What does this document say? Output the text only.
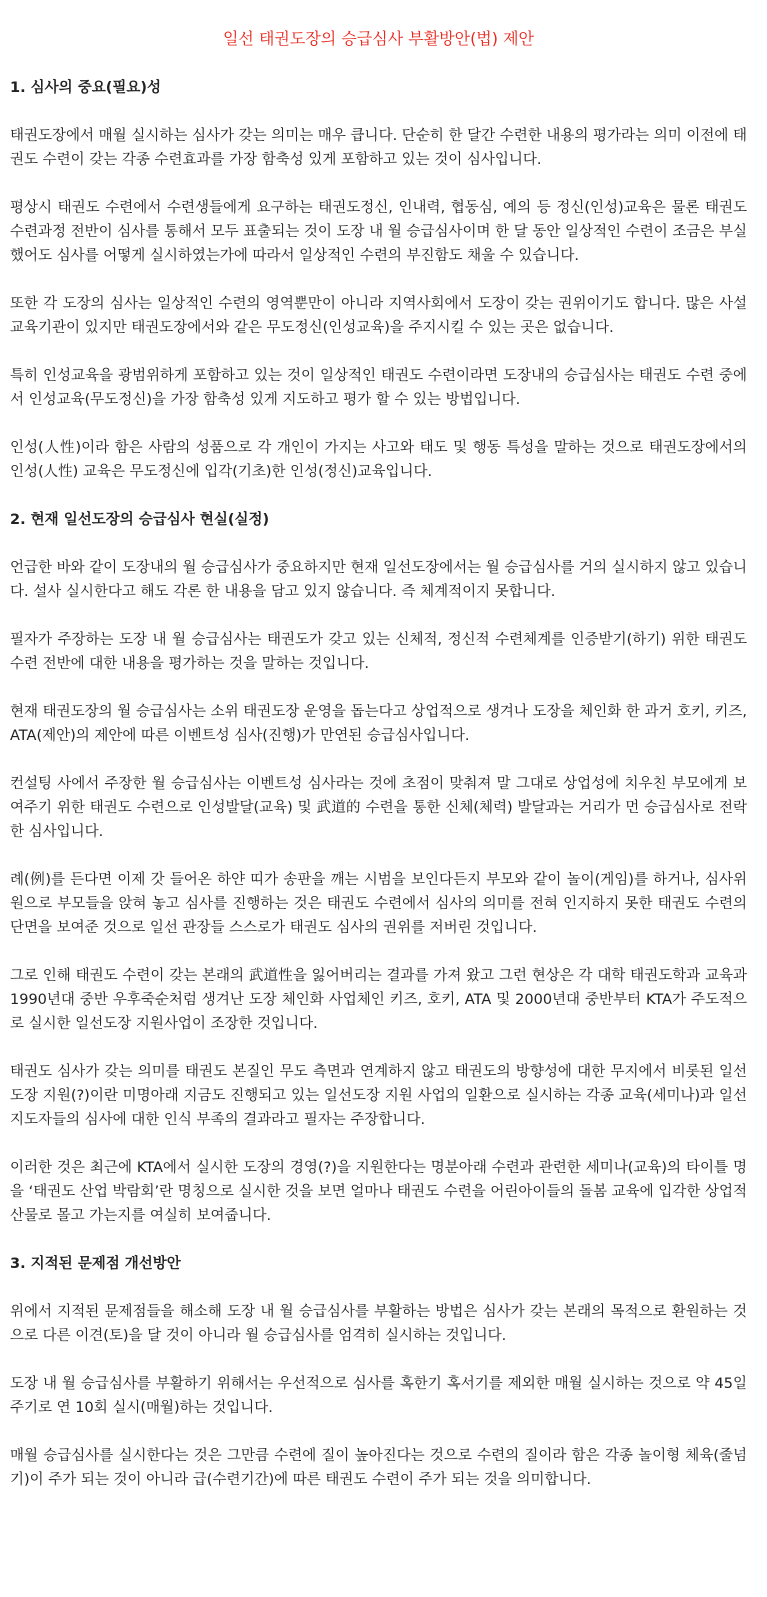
일선 태권도장의 승급심사 부활방안(법) 제안
1. 심사의 중요(필요)성
태권도장에서 매월 실시하는 심사가 갖는 의미는 매우 큽니다. 단순히 한 달간 수련한 내용의 평가라는 의미 이전에 태권도 수련이 갖는 각종 수련효과를 가장 함축성 있게 포함하고 있는 것이 심사입니다.
평상시 태권도 수련에서 수련생들에게 요구하는 태권도정신, 인내력, 협동심, 예의 등 정신(인성)교육은 물론 태권도 수련과정 전반이 심사를 통해서 모두 표출되는 것이 도장 내 월 승급심사이며 한 달 동안 일상적인 수련이 조금은 부실했어도 심사를 어떻게 실시하였는가에 따라서 일상적인 수련의 부진함도 채울 수 있습니다.
또한 각 도장의 심사는 일상적인 수련의 영역뿐만이 아니라 지역사회에서 도장이 갖는 권위이기도 합니다. 많은 사설 교육기관이 있지만 태권도장에서와 같은 무도정신(인성교육)을 주지시킬 수 있는 곳은 없습니다.
특히 인성교육을 광범위하게 포함하고 있는 것이 일상적인 태권도 수련이라면 도장내의 승급심사는 태권도 수련 중에서 인성교육(무도정신)을 가장 함축성 있게 지도하고 평가 할 수 있는 방법입니다.
인성(人性)이라 함은 사람의 성품으로 각 개인이 가지는 사고와 태도 및 행동 특성을 말하는 것으로 태권도장에서의 인성(人性) 교육은 무도정신에 입각(기초)한 인성(정신)교육입니다.
2. 현재 일선도장의 승급심사 현실(실정)
언급한 바와 같이 도장내의 월 승급심사가 중요하지만 현재 일선도장에서는 월 승급심사를 거의 실시하지 않고 있습니다. 설사 실시한다고 해도 각론 한 내용을 담고 있지 않습니다. 즉 체계적이지 못합니다.
필자가 주장하는 도장 내 월 승급심사는 태권도가 갖고 있는 신체적, 정신적 수련체계를 인증받기(하기) 위한 태권도 수련 전반에 대한 내용을 평가하는 것을 말하는 것입니다.
현재 태권도장의 월 승급심사는 소위 태권도장 운영을 돕는다고 상업적으로 생겨나 도장을 체인화 한 과거 호키, 키즈, ATA(제안)의 제안에 따른 이벤트성 심사(진행)가 만연된 승급심사입니다.
컨설팅 사에서 주장한 월 승급심사는 이벤트성 심사라는 것에 초점이 맞춰져 말 그대로 상업성에 치우친 부모에게 보여주기 위한 태권도 수련으로 인성발달(교육) 및 武道的 수련을 통한 신체(체력) 발달과는 거리가 먼 승급심사로 전락한 심사입니다.
례(例)를 든다면 이제 갓 들어온 하얀 띠가 송판을 깨는 시범을 보인다든지 부모와 같이 놀이(게임)를 하거나, 심사위원으로 부모들을 앉혀 놓고 심사를 진행하는 것은 태권도 수련에서 심사의 의미를 전혀 인지하지 못한 태권도 수련의 단면을 보여준 것으로 일선 관장들 스스로가 태권도 심사의 권위를 저버린 것입니다.
그로 인해 태권도 수련이 갖는 본래의 武道性을 잃어버리는 결과를 가져 왔고 그런 현상은 각 대학 태권도학과 교육과 1990년대 중반 우후죽순처럼 생겨난 도장 체인화 사업체인 키즈, 호키, ATA 및 2000년대 중반부터 KTA가 주도적으로 실시한 일선도장 지원사업이 조장한 것입니다.
태권도 심사가 갖는 의미를 태권도 본질인 무도 측면과 연계하지 않고 태권도의 방향성에 대한 무지에서 비롯된 일선도장 지원(?)이란 미명아래 지금도 진행되고 있는 일선도장 지원 사업의 일환으로 실시하는 각종 교육(세미나)과 일선 지도자들의 심사에 대한 인식 부족의 결과라고 필자는 주장합니다.
이러한 것은 최근에 KTA에서 실시한 도장의 경영(?)을 지원한다는 명분아래 수련과 관련한 세미나(교육)의 타이틀 명을 ‘태권도 산업 박람회’란 명칭으로 실시한 것을 보면 얼마나 태권도 수련을 어린아이들의 돌봄 교육에 입각한 상업적 산물로 몰고 가는지를 여실히 보여줍니다.
3. 지적된 문제점 개선방안
위에서 지적된 문제점들을 해소해 도장 내 월 승급심사를 부활하는 방법은 심사가 갖는 본래의 목적으로 환원하는 것으로 다른 이견(토)을 달 것이 아니라 월 승급심사를 엄격히 실시하는 것입니다.
도장 내 월 승급심사를 부활하기 위해서는 우선적으로 심사를 혹한기 혹서기를 제외한 매월 실시하는 것으로 약 45일 주기로 연 10회 실시(매월)하는 것입니다.
매월 승급심사를 실시한다는 것은 그만큼 수련에 질이 높아진다는 것으로 수련의 질이라 함은 각종 놀이형 체육(줄넘기)이 주가 되는 것이 아니라 급(수련기간)에 따른 태권도 수련이 주가 되는 것을 의미합니다.
